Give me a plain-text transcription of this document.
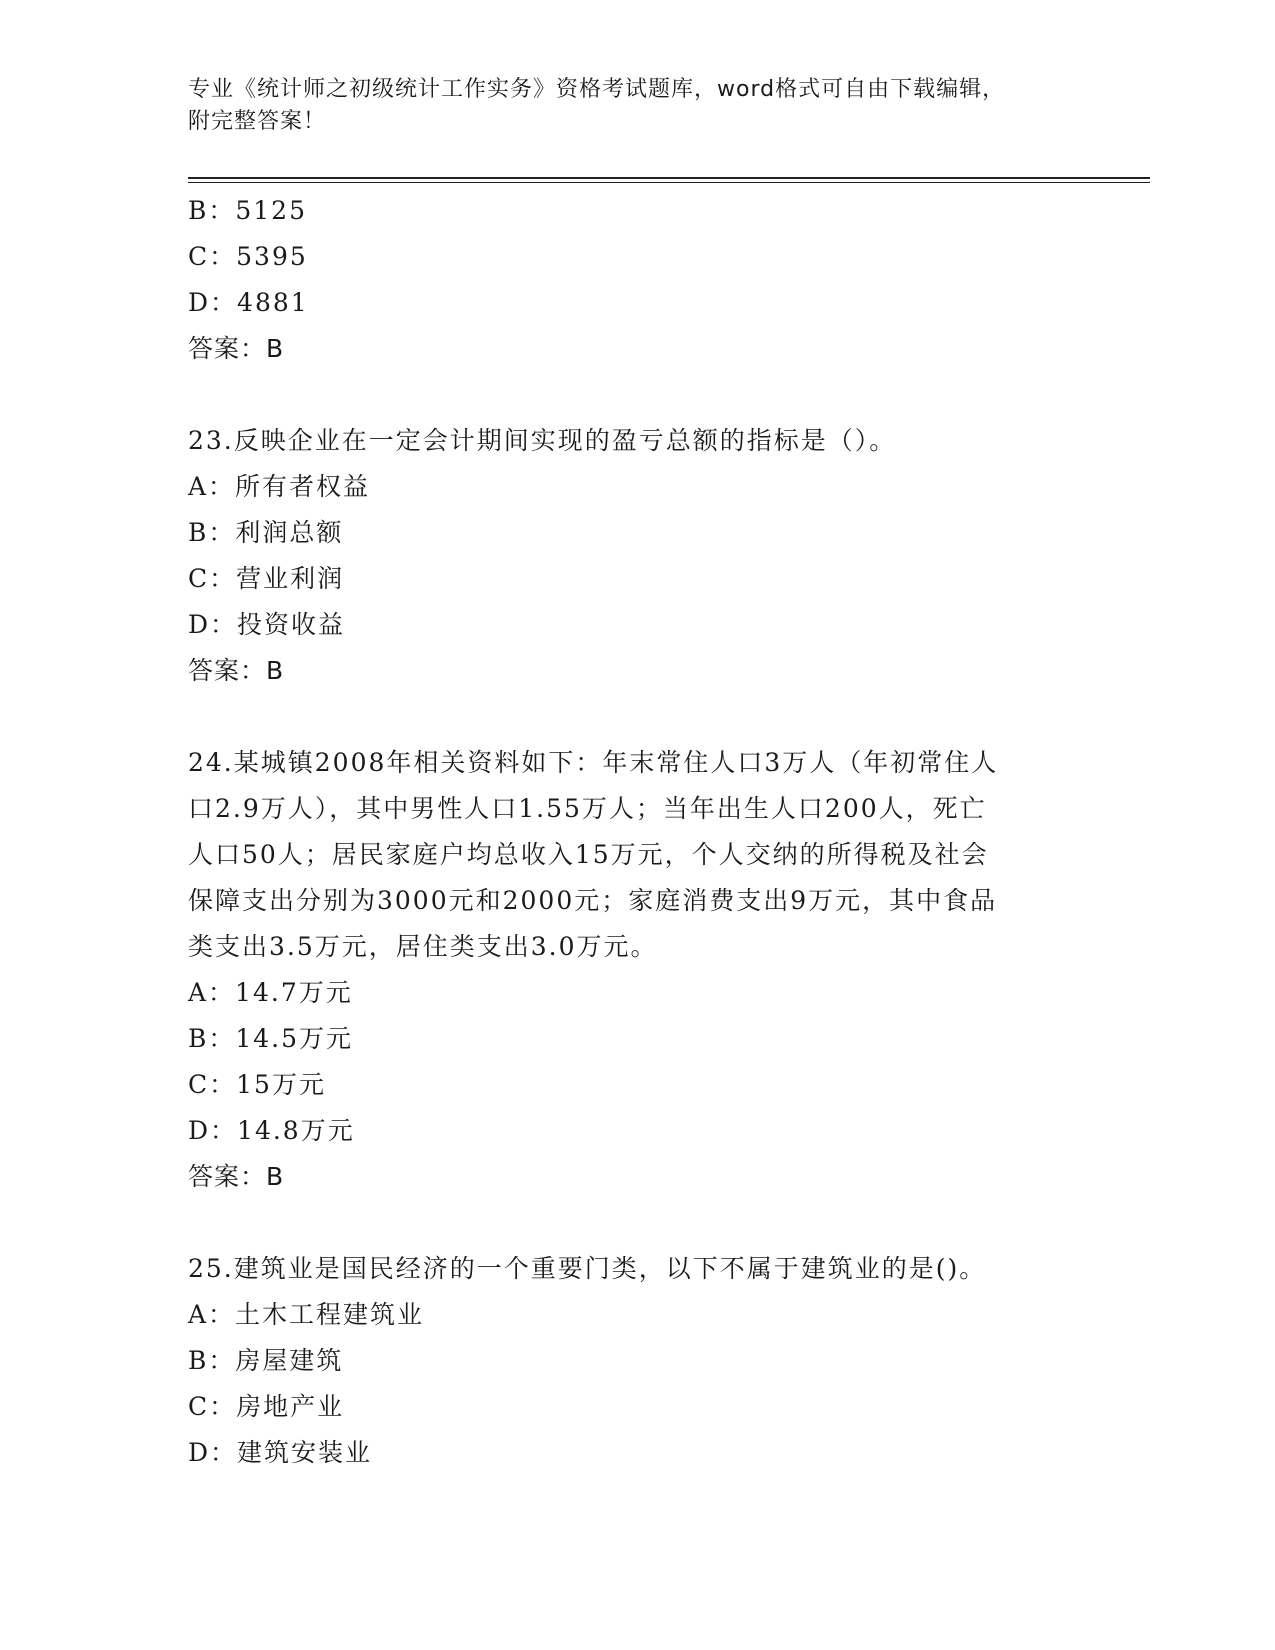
专业《统计师之初级统计工作实务》资格考试题库，word格式可自由下载编辑，
附完整答案！
B：5125
C：5395
D：4881
答案：B
23.反映企业在一定会计期间实现的盈亏总额的指标是（）。
A：所有者权益
B：利润总额
C：营业利润
D：投资收益
答案：B
24.某城镇2008年相关资料如下：年末常住人口3万人（年初常住人
口2.9万人），其中男性人口1.55万人；当年出生人口200人，死亡
人口50人；居民家庭户均总收入15万元，个人交纳的所得税及社会
保障支出分别为3000元和2000元；家庭消费支出9万元，其中食品
类支出3.5万元，居住类支出3.0万元。
A：14.7万元
B：14.5万元
C：15万元
D：14.8万元
答案：B
25.建筑业是国民经济的一个重要门类，以下不属于建筑业的是()。
A：土木工程建筑业
B：房屋建筑
C：房地产业
D：建筑安装业
